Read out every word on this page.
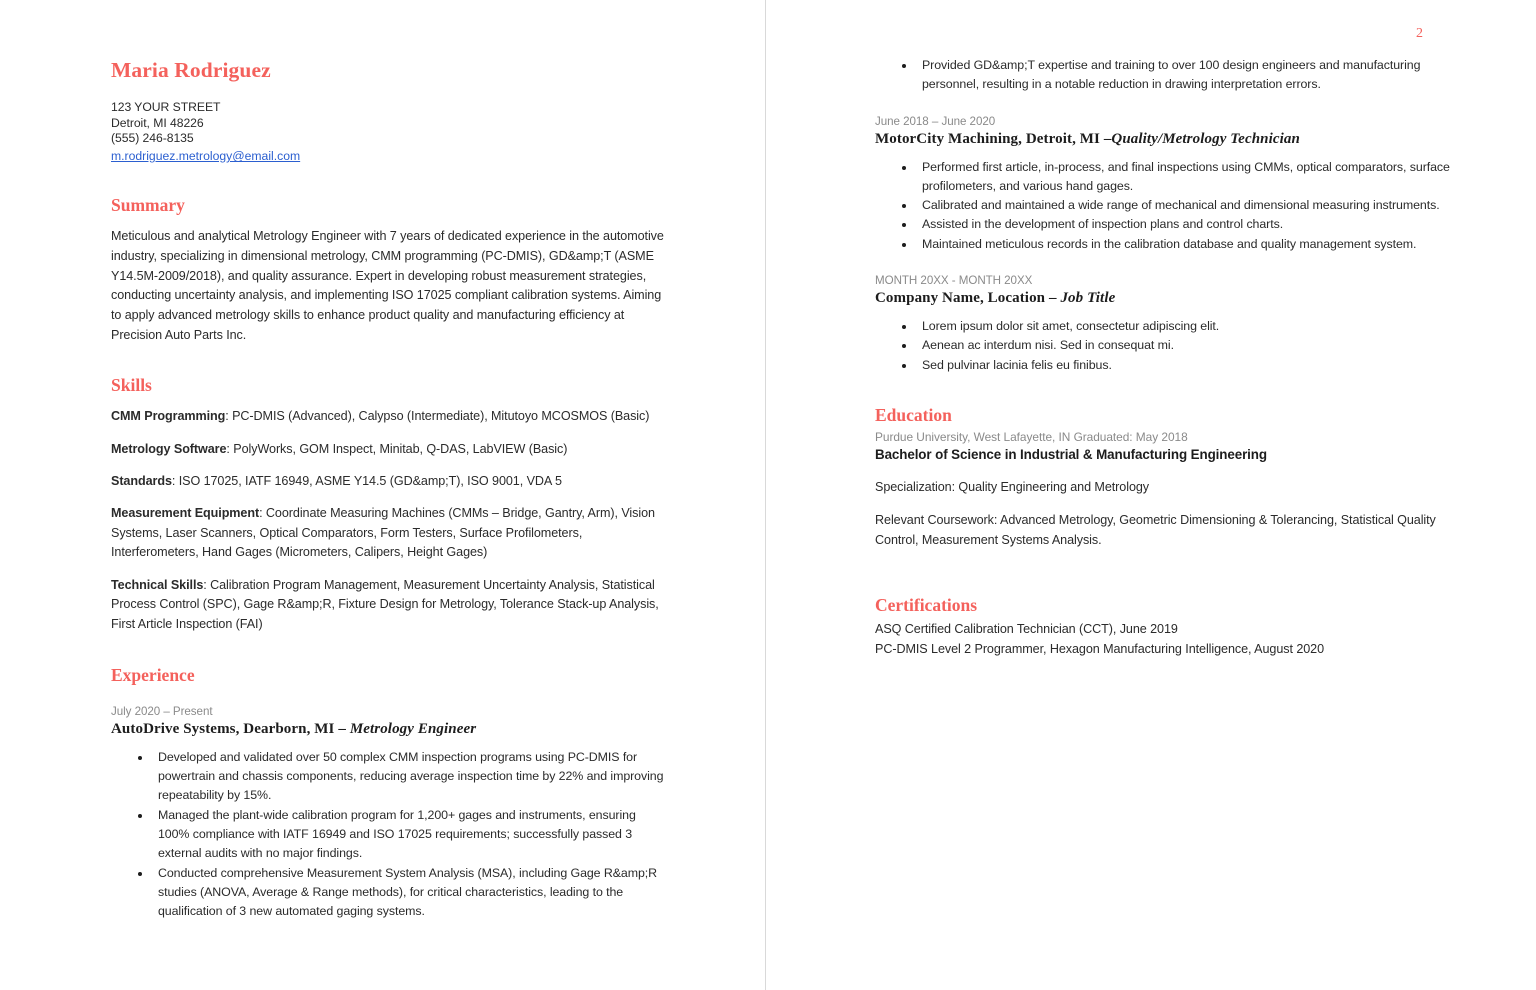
Maria Rodriguez
123 YOUR STREET
Detroit, MI 48226
(555) 246-8135
m.rodriguez.metrology@email.com
Summary
Meticulous and analytical Metrology Engineer with 7 years of dedicated experience in the automotive industry, specializing in dimensional metrology, CMM programming (PC-DMIS), GD&amp;T (ASME Y14.5M-2009/2018), and quality assurance. Expert in developing robust measurement strategies, conducting uncertainty analysis, and implementing ISO 17025 compliant calibration systems. Aiming to apply advanced metrology skills to enhance product quality and manufacturing efficiency at Precision Auto Parts Inc.
Skills
CMM Programming: PC-DMIS (Advanced), Calypso (Intermediate), Mitutoyo MCOSMOS (Basic)
Metrology Software: PolyWorks, GOM Inspect, Minitab, Q-DAS, LabVIEW (Basic)
Standards: ISO 17025, IATF 16949, ASME Y14.5 (GD&amp;T), ISO 9001, VDA 5
Measurement Equipment: Coordinate Measuring Machines (CMMs – Bridge, Gantry, Arm), Vision Systems, Laser Scanners, Optical Comparators, Form Testers, Surface Profilometers, Interferometers, Hand Gages (Micrometers, Calipers, Height Gages)
Technical Skills: Calibration Program Management, Measurement Uncertainty Analysis, Statistical Process Control (SPC), Gage R&amp;R, Fixture Design for Metrology, Tolerance Stack-up Analysis, First Article Inspection (FAI)
Experience
July 2020 – Present
AutoDrive Systems, Dearborn, MI – Metrology Engineer
Developed and validated over 50 complex CMM inspection programs using PC-DMIS for powertrain and chassis components, reducing average inspection time by 22% and improving repeatability by 15%.
Managed the plant-wide calibration program for 1,200+ gages and instruments, ensuring 100% compliance with IATF 16949 and ISO 17025 requirements; successfully passed 3 external audits with no major findings.
Conducted comprehensive Measurement System Analysis (MSA), including Gage R&amp;R studies (ANOVA, Average & Range methods), for critical characteristics, leading to the qualification of 3 new automated gaging systems.
2
Provided GD&amp;T expertise and training to over 100 design engineers and manufacturing personnel, resulting in a notable reduction in drawing interpretation errors.
June 2018 – June 2020
MotorCity Machining, Detroit, MI –Quality/Metrology Technician
Performed first article, in-process, and final inspections using CMMs, optical comparators, surface profilometers, and various hand gages.
Calibrated and maintained a wide range of mechanical and dimensional measuring instruments.
Assisted in the development of inspection plans and control charts.
Maintained meticulous records in the calibration database and quality management system.
MONTH 20XX - MONTH 20XX
Company Name, Location – Job Title
Lorem ipsum dolor sit amet, consectetur adipiscing elit.
Aenean ac interdum nisi. Sed in consequat mi.
Sed pulvinar lacinia felis eu finibus.
Education
Purdue University, West Lafayette, IN Graduated: May 2018
Bachelor of Science in Industrial & Manufacturing Engineering
Specialization: Quality Engineering and Metrology
Relevant Coursework: Advanced Metrology, Geometric Dimensioning & Tolerancing, Statistical Quality Control, Measurement Systems Analysis.
Certifications
ASQ Certified Calibration Technician (CCT), June 2019
PC-DMIS Level 2 Programmer, Hexagon Manufacturing Intelligence, August 2020
